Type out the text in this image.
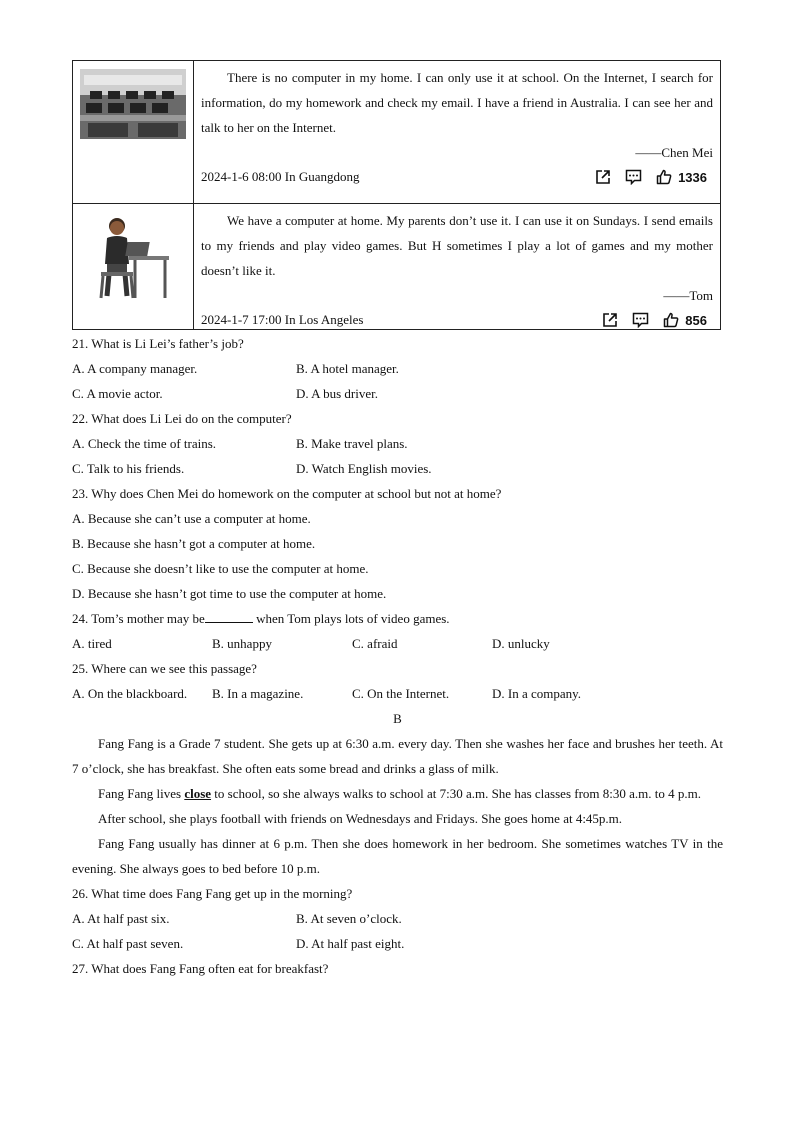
There is no computer in my home. I can only use it at school. On the Internet, I search for information, do my homework and check my email. I have a friend in Australia. I can see her and talk to her on the Internet.
——Chen Mei
2024-1-6 08:00 In Guangdong	1336
We have a computer at home. My parents don’t use it. I can use it on Sundays. I send emails to my friends and play video games. But H sometimes I play a lot of games and my mother doesn’t like it.
——Tom
2024-1-7 17:00 In Los Angeles	856
21. What is Li Lei’s father’s job?
A. A company manager.	B. A hotel manager.
C. A movie actor.	D. A bus driver.
22. What does Li Lei do on the computer?
A. Check the time of trains.	B. Make travel plans.
C. Talk to his friends.	D. Watch English movies.
23. Why does Chen Mei do homework on the computer at school but not at home?
A. Because she can’t use a computer at home.
B. Because she hasn’t got a computer at home.
C. Because she doesn’t like to use the computer at home.
D. Because she hasn’t got time to use the computer at home.
24. Tom’s mother may be	when Tom plays lots of video games.
A. tired	B. unhappy	C. afraid	D. unlucky
25. Where can we see this passage?
A. On the blackboard.	B. In a magazine.	C. On the Internet.	D. In a company.
B
Fang Fang is a Grade 7 student. She gets up at 6:30 a.m. every day. Then she washes her face and brushes her teeth. At 7 o’clock, she has breakfast. She often eats some bread and drinks a glass of milk.
Fang Fang lives close to school, so she always walks to school at 7:30 a.m. She has classes from 8:30 a.m. to 4 p.m.
After school, she plays football with friends on Wednesdays and Fridays. She goes home at 4:45p.m.
Fang Fang usually has dinner at 6 p.m. Then she does homework in her bedroom. She sometimes watches TV in the evening. She always goes to bed before 10 p.m.
26. What time does Fang Fang get up in the morning?
A. At half past six.	B. At seven o’clock.
C. At half past seven.	D. At half past eight.
27. What does Fang Fang often eat for breakfast?
